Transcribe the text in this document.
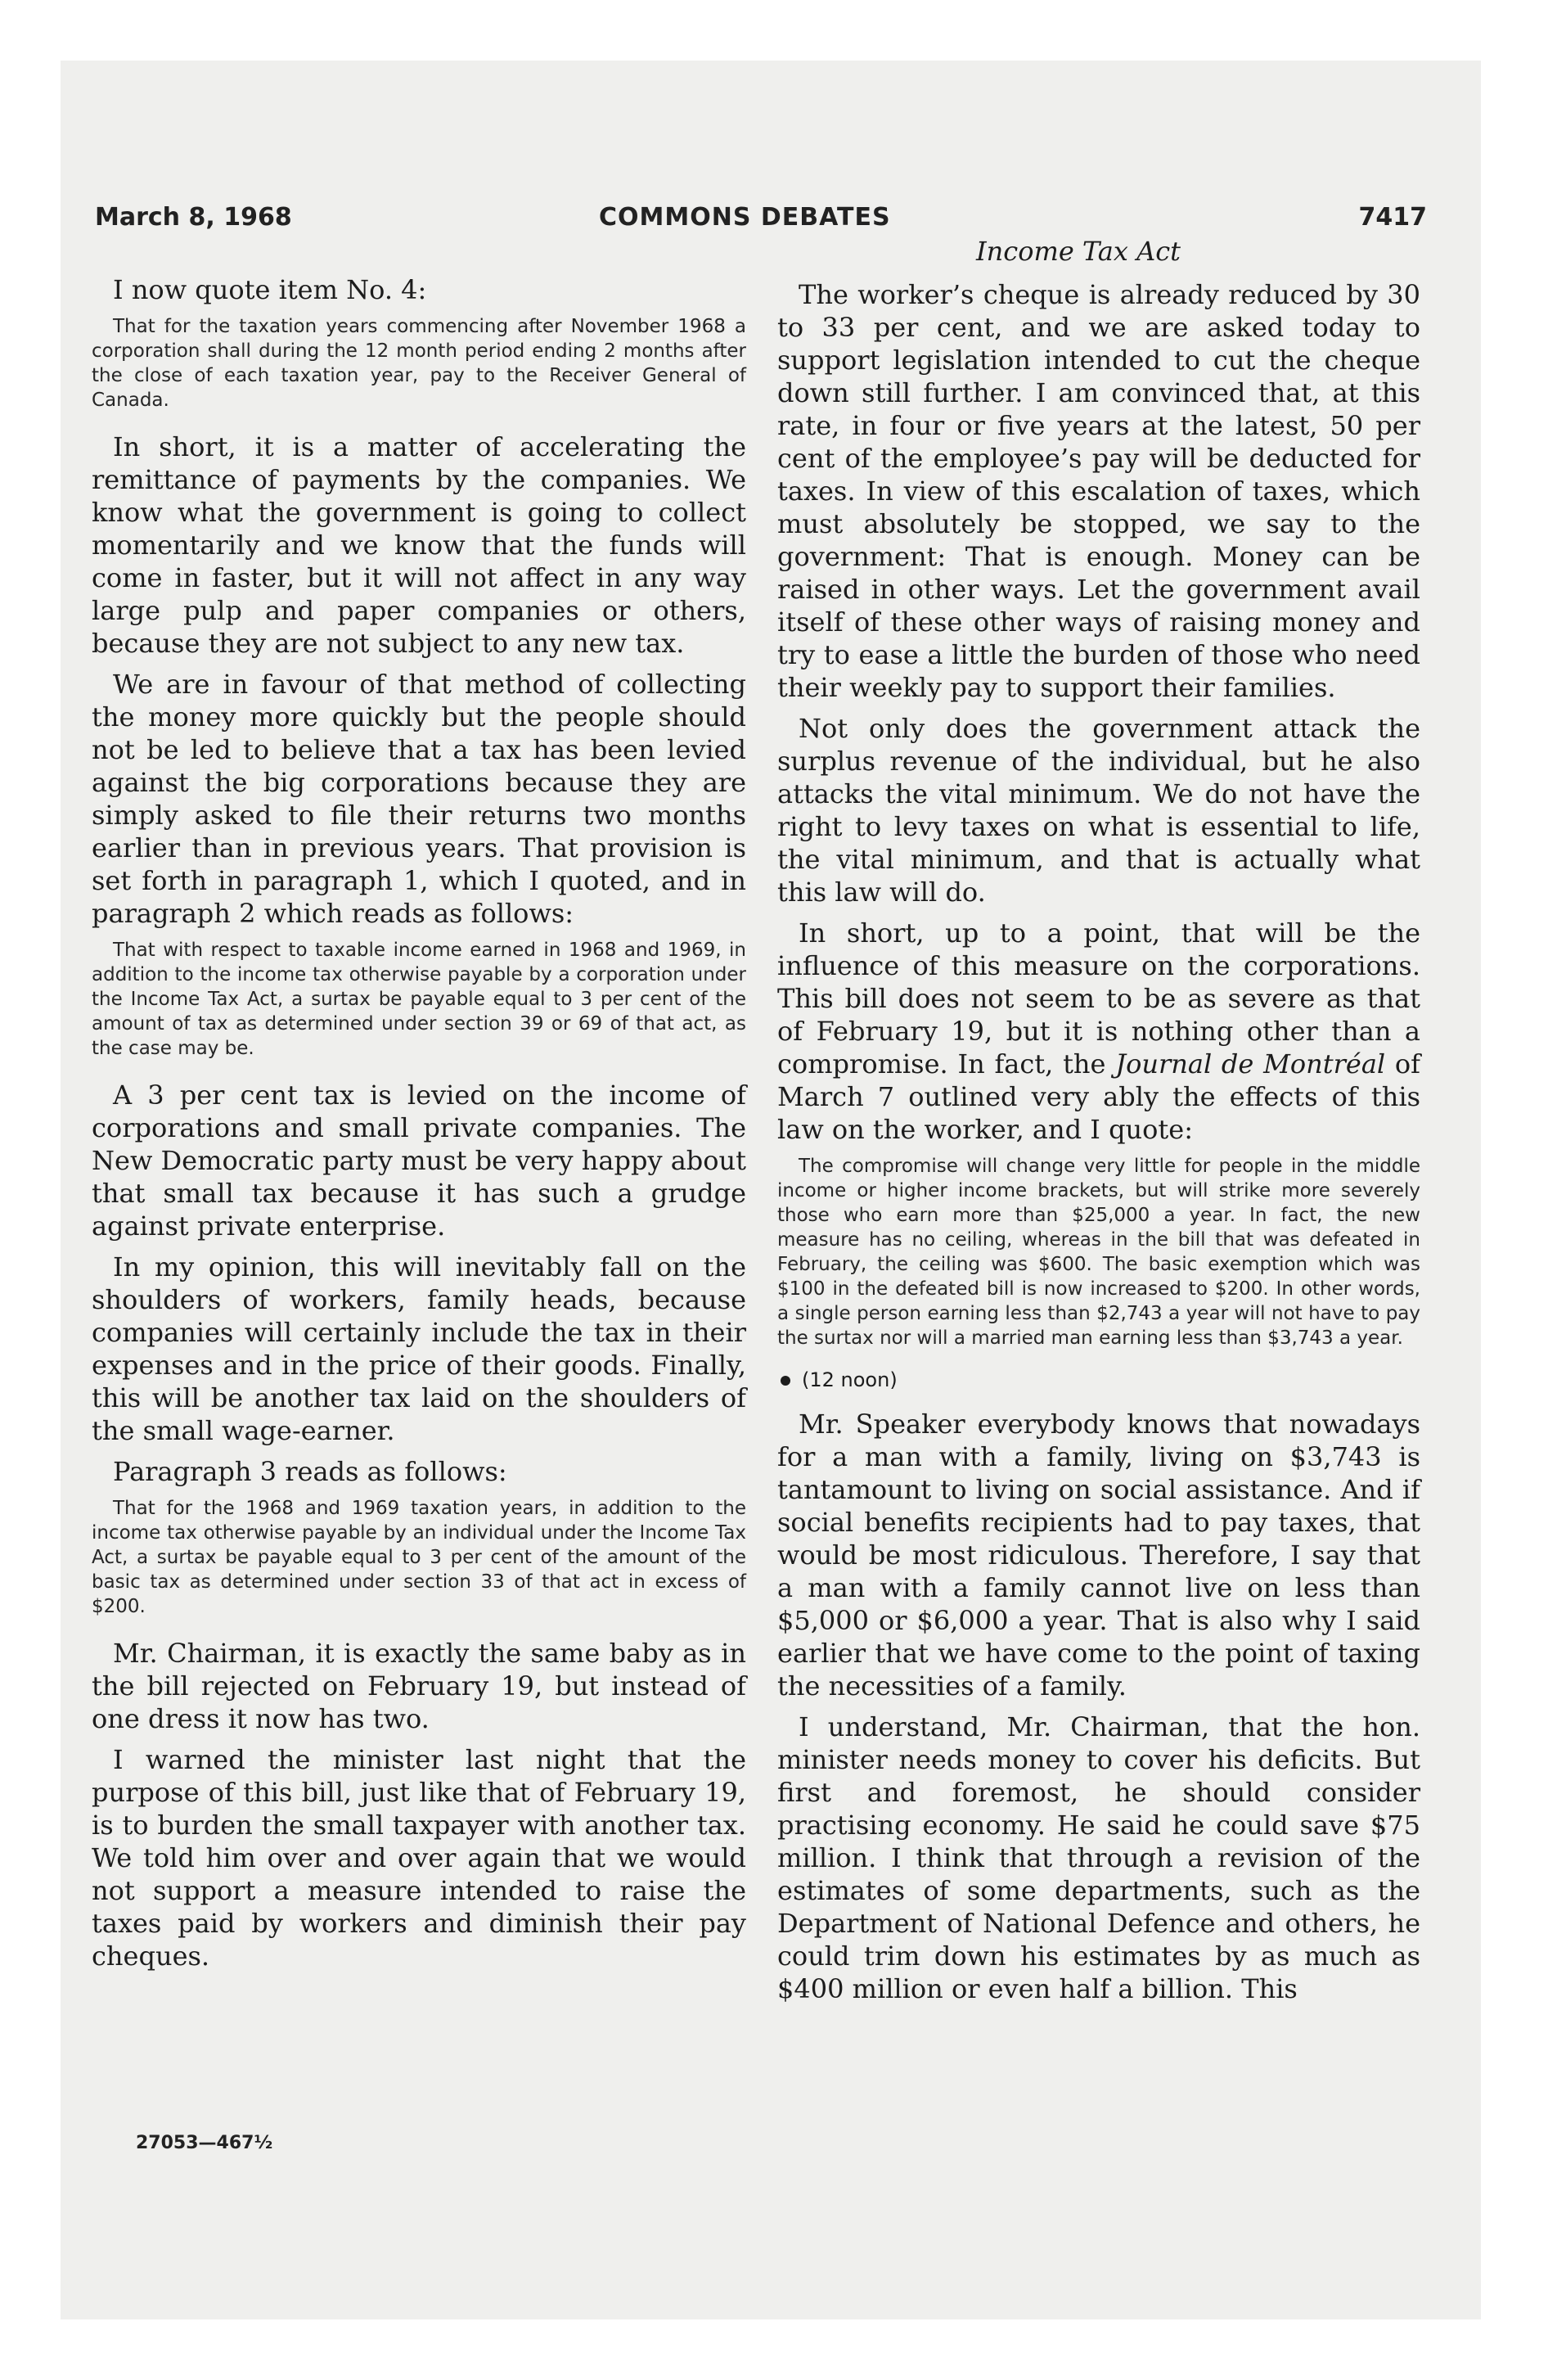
March 8, 1968	COMMONS DEBATES	7417
Income Tax Act

I now quote item No. 4:

That for the taxation years commencing after November 1968 a corporation shall during the 12 month period ending 2 months after the close of each taxation year, pay to the Receiver General of Canada.

In short, it is a matter of accelerating the remittance of payments by the companies. We know what the government is going to collect momentarily and we know that the funds will come in faster, but it will not affect in any way large pulp and paper companies or others, because they are not subject to any new tax.

We are in favour of that method of collecting the money more quickly but the people should not be led to believe that a tax has been levied against the big corporations because they are simply asked to file their returns two months earlier than in previous years. That provision is set forth in paragraph 1, which I quoted, and in paragraph 2 which reads as follows:

That with respect to taxable income earned in 1968 and 1969, in addition to the income tax otherwise payable by a corporation under the Income Tax Act, a surtax be payable equal to 3 per cent of the amount of tax as determined under section 39 or 69 of that act, as the case may be.

A 3 per cent tax is levied on the income of corporations and small private companies. The New Democratic party must be very happy about that small tax because it has such a grudge against private enterprise.

In my opinion, this will inevitably fall on the shoulders of workers, family heads, because companies will certainly include the tax in their expenses and in the price of their goods. Finally, this will be another tax laid on the shoulders of the small wage-earner.

Paragraph 3 reads as follows:

That for the 1968 and 1969 taxation years, in addition to the income tax otherwise payable by an individual under the Income Tax Act, a surtax be payable equal to 3 per cent of the amount of the basic tax as determined under section 33 of that act in excess of $200.

Mr. Chairman, it is exactly the same baby as in the bill rejected on February 19, but instead of one dress it now has two.

I warned the minister last night that the purpose of this bill, just like that of February 19, is to burden the small taxpayer with another tax. We told him over and over again that we would not support a measure intended to raise the taxes paid by workers and diminish their pay cheques.

The worker’s cheque is already reduced by 30 to 33 per cent, and we are asked today to support legislation intended to cut the cheque down still further. I am convinced that, at this rate, in four or five years at the latest, 50 per cent of the employee’s pay will be deducted for taxes. In view of this escalation of taxes, which must absolutely be stopped, we say to the government: That is enough. Money can be raised in other ways. Let the government avail itself of these other ways of raising money and try to ease a little the burden of those who need their weekly pay to support their families.

Not only does the government attack the surplus revenue of the individual, but he also attacks the vital minimum. We do not have the right to levy taxes on what is essential to life, the vital minimum, and that is actually what this law will do.

In short, up to a point, that will be the influence of this measure on the corporations. This bill does not seem to be as severe as that of February 19, but it is nothing other than a compromise. In fact, the Journal de Montréal of March 7 outlined very ably the effects of this law on the worker, and I quote:

The compromise will change very little for people in the middle income or higher income brackets, but will strike more severely those who earn more than $25,000 a year. In fact, the new measure has no ceiling, whereas in the bill that was defeated in February, the ceiling was $600. The basic exemption which was $100 in the defeated bill is now increased to $200. In other words, a single person earning less than $2,743 a year will not have to pay the surtax nor will a married man earning less than $3,743 a year.

(12 noon)

Mr. Speaker everybody knows that nowadays for a man with a family, living on $3,743 is tantamount to living on social assistance. And if social benefits recipients had to pay taxes, that would be most ridiculous. Therefore, I say that a man with a family cannot live on less than $5,000 or $6,000 a year. That is also why I said earlier that we have come to the point of taxing the necessities of a family.

I understand, Mr. Chairman, that the hon. minister needs money to cover his deficits. But first and foremost, he should consider practising economy. He said he could save $75 million. I think that through a revision of the estimates of some departments, such as the Department of National Defence and others, he could trim down his estimates by as much as $400 million or even half a billion. This

27053—467½
